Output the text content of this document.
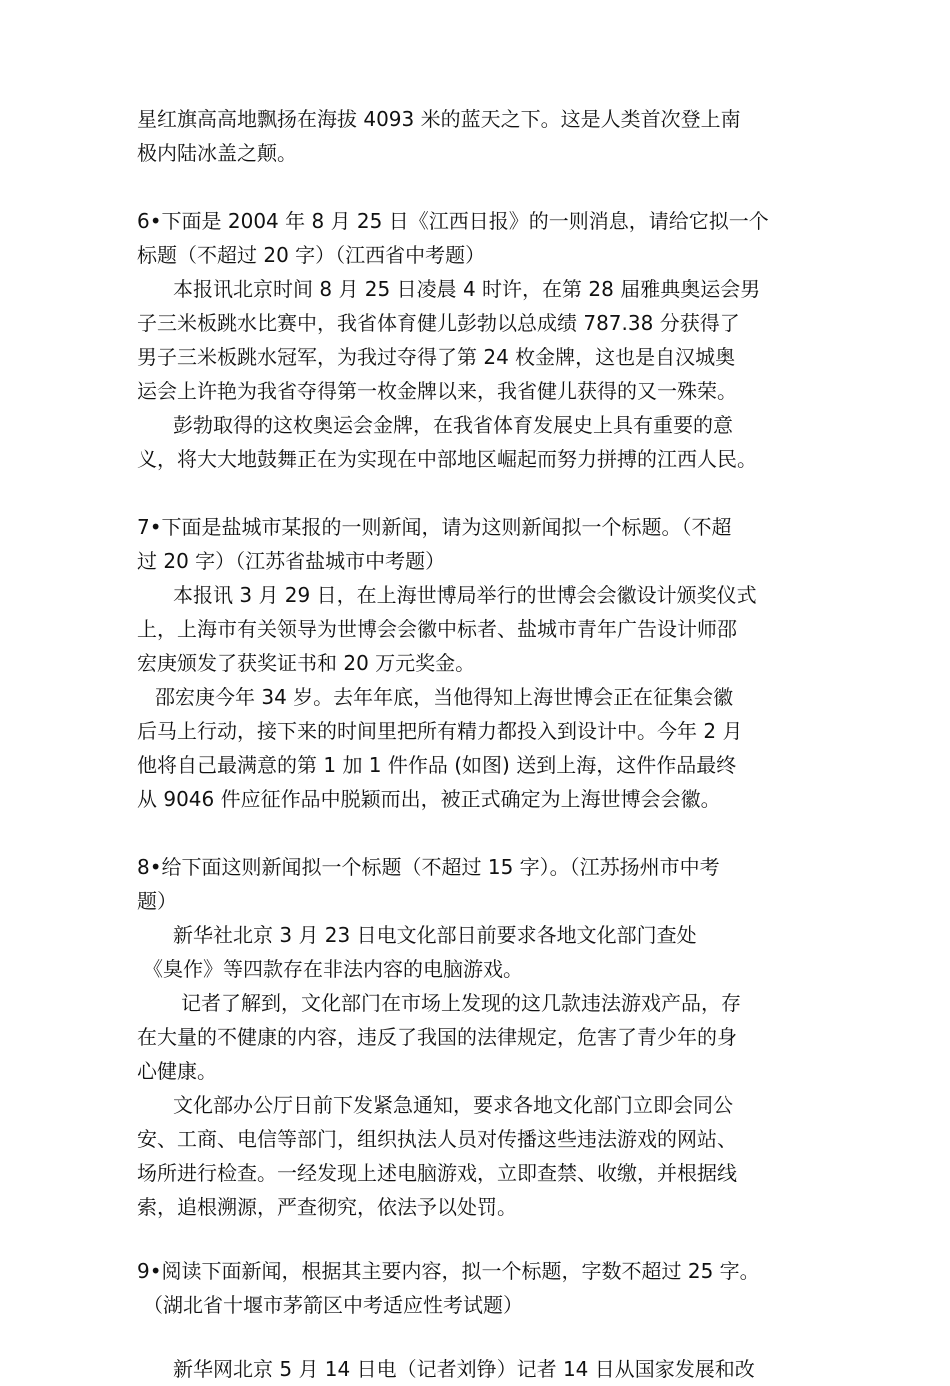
星红旗高高地飘扬在海拔 4093 米的蓝天之下。这是人类首次登上南

极内陆冰盖之颠。

6•下面是 2004 年 8 月 25 日《江西日报》的一则消息，请给它拟一个

标题（不超过 20 字）（江西省中考题）

本报讯北京时间 8 月 25 日凌晨 4 时许，在第 28 届雅典奥运会男

子三米板跳水比赛中，我省体育健儿彭勃以总成绩 787.38 分获得了

男子三米板跳水冠军，为我过夺得了第 24 枚金牌，这也是自汉城奥

运会上许艳为我省夺得第一枚金牌以来，我省健儿获得的又一殊荣。

彭勃取得的这枚奥运会金牌，在我省体育发展史上具有重要的意

义，将大大地鼓舞正在为实现在中部地区崛起而努力拼搏的江西人民。

7•下面是盐城市某报的一则新闻，请为这则新闻拟一个标题。（不超

过 20 字）（江苏省盐城市中考题）

本报讯 3 月 29 日，在上海世博局举行的世博会会徽设计颁奖仪式

上，上海市有关领导为世博会会徽中标者、盐城市青年广告设计师邵

宏庚颁发了获奖证书和 20 万元奖金。

邵宏庚今年 34 岁。去年年底，当他得知上海世博会正在征集会徽

后马上行动，接下来的时间里把所有精力都投入到设计中。今年 2 月

他将自己最满意的第 1 加 1 件作品 (如图) 送到上海，这件作品最终

从 9046 件应征作品中脱颖而出，被正式确定为上海世博会会徽。

8•给下面这则新闻拟一个标题（不超过 15 字）。（江苏扬州市中考

题）

新华社北京 3 月 23 日电文化部日前要求各地文化部门查处

《臭作》等四款存在非法内容的电脑游戏。

记者了解到，文化部门在市场上发现的这几款违法游戏产品，存

在大量的不健康的内容，违反了我国的法律规定，危害了青少年的身

心健康。

文化部办公厅日前下发紧急通知，要求各地文化部门立即会同公

安、工商、电信等部门，组织执法人员对传播这些违法游戏的网站、

场所进行检查。一经发现上述电脑游戏，立即查禁、收缴，并根据线

索，追根溯源，严查彻究，依法予以处罚。

9•阅读下面新闻，根据其主要内容，拟一个标题，字数不超过 25 字。

（湖北省十堰市茅箭区中考适应性考试题）

新华网北京 5 月 14 日电（记者刘铮）记者 14 日从国家发展和改
